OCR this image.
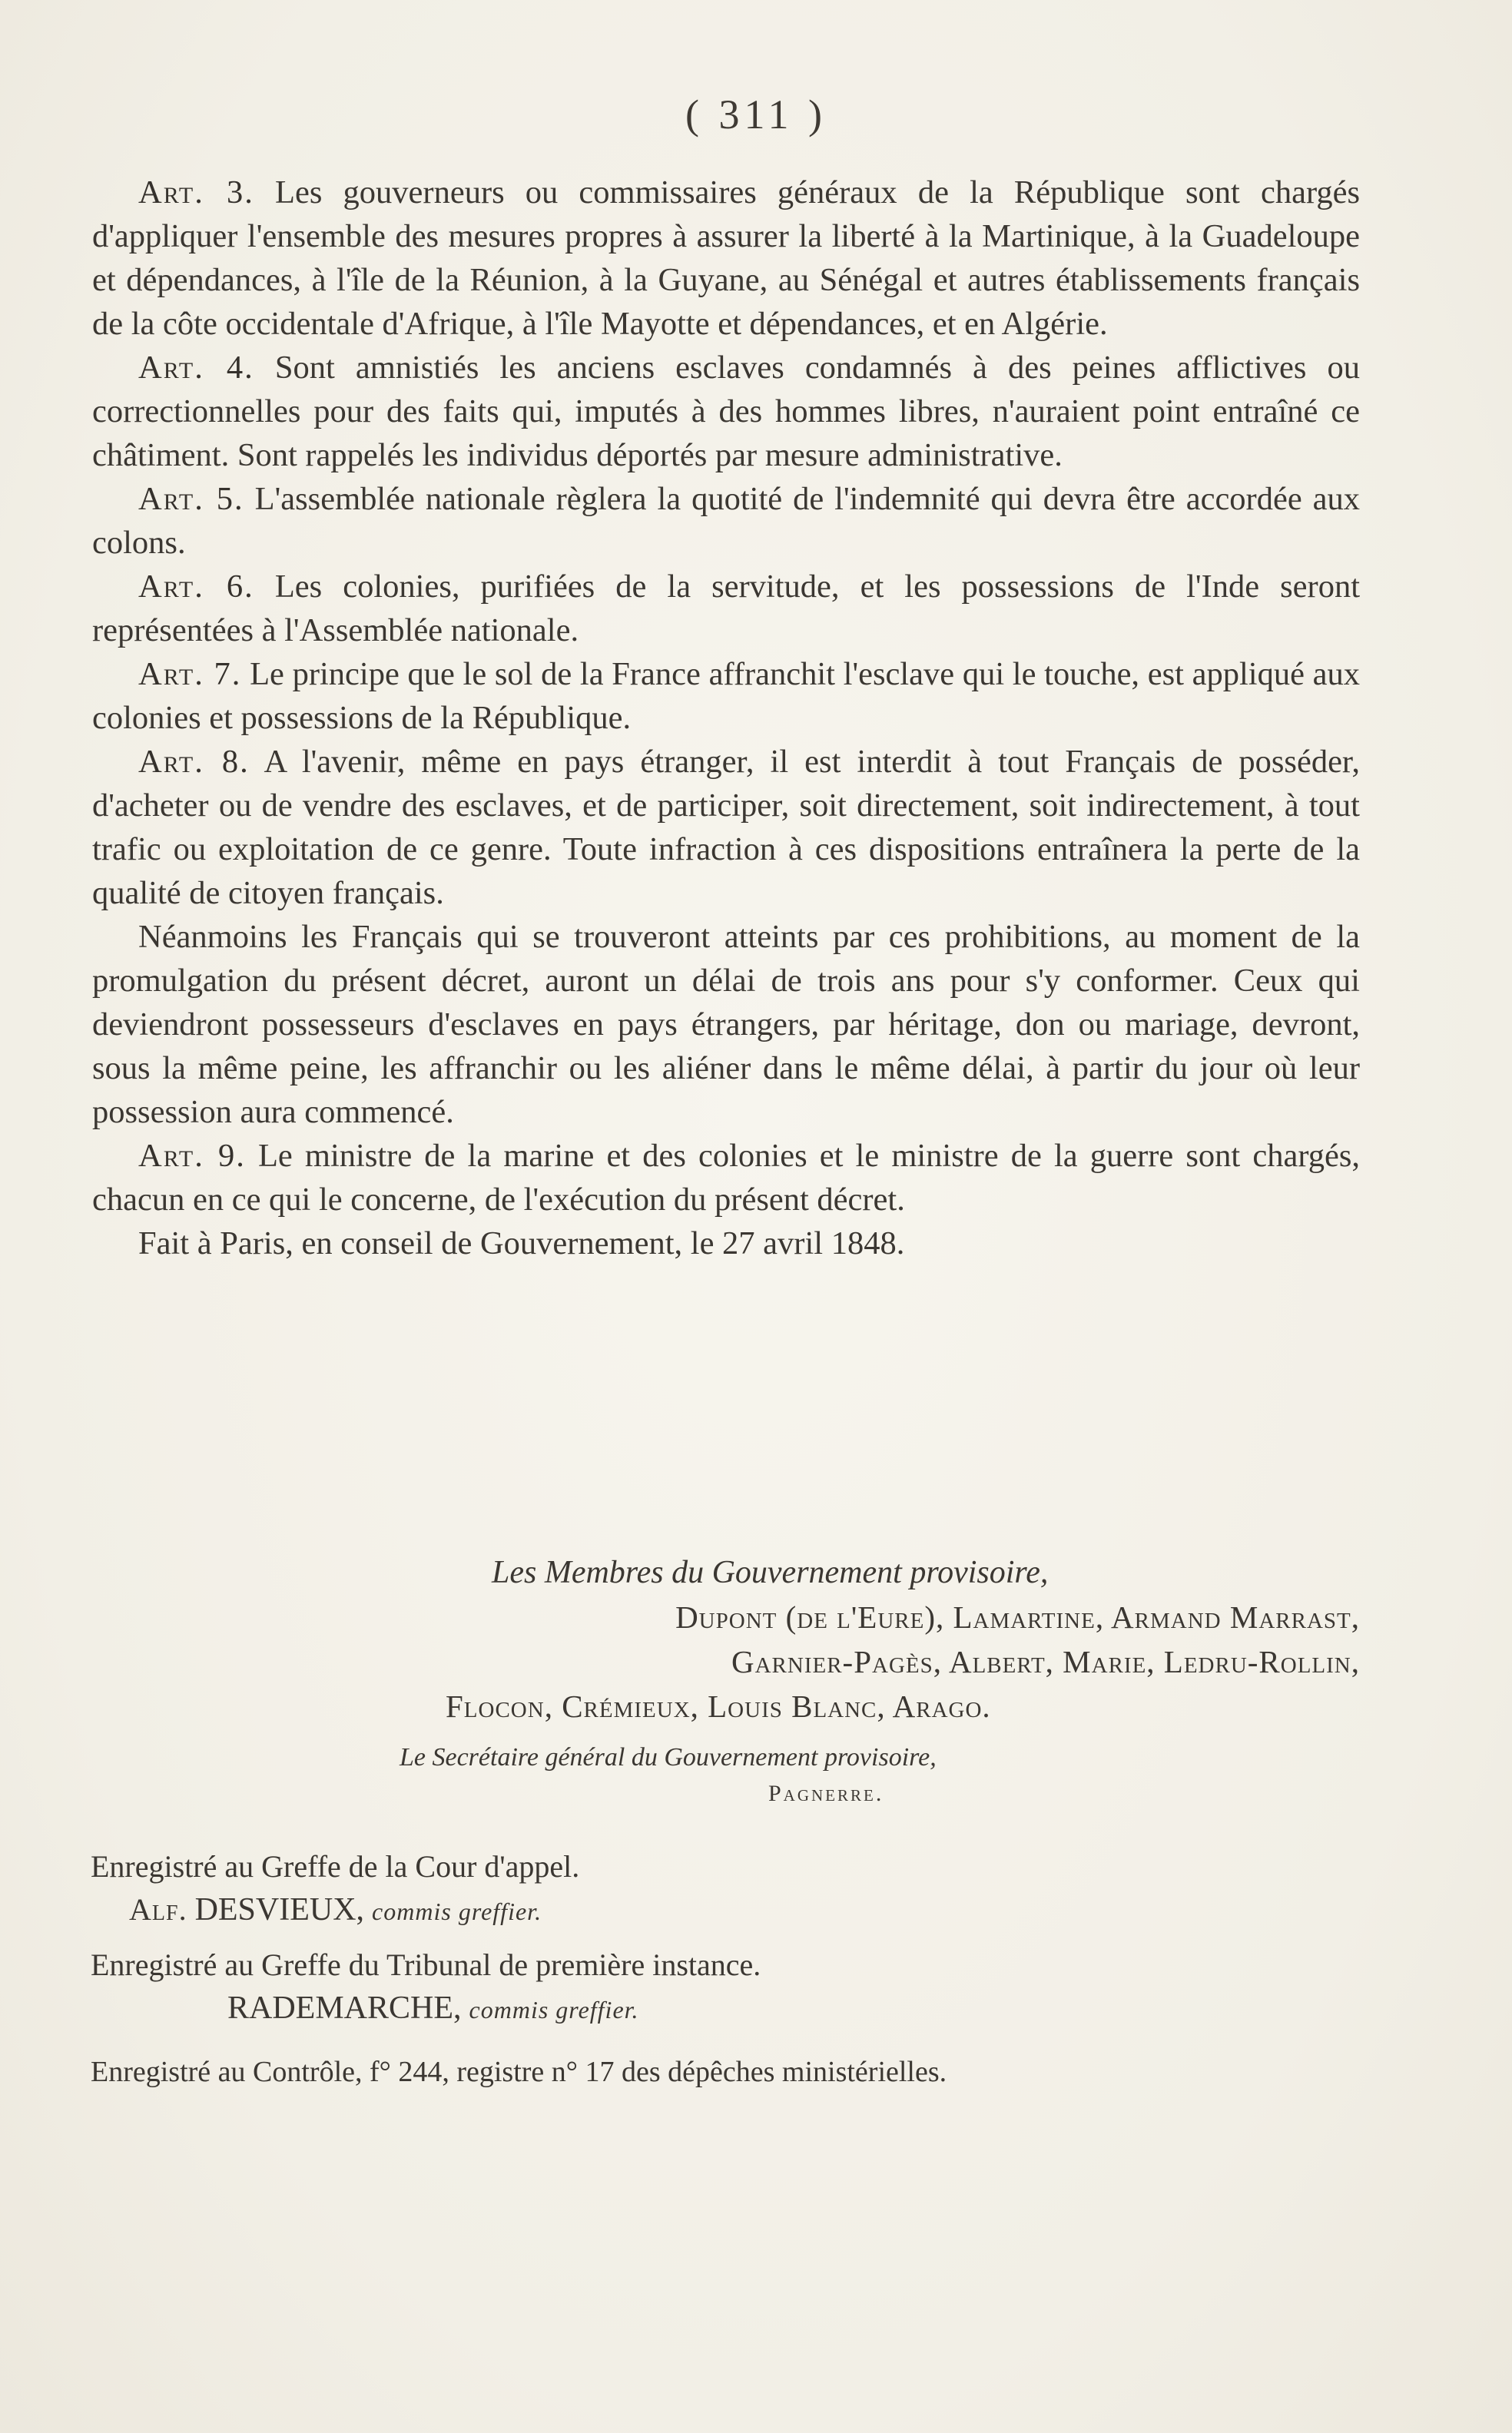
( 311 )

Art. 3. Les gouverneurs ou commissaires généraux de la République sont chargés d'appliquer l'ensemble des mesures propres à assurer la liberté à la Martinique, à la Guadeloupe et dépendances, à l'île de la Réunion, à la Guyane, au Sénégal et autres établissements français de la côte occidentale d'Afrique, à l'île Mayotte et dépendances, et en Algérie.

Art. 4. Sont amnistiés les anciens esclaves condamnés à des peines afflictives ou correctionnelles pour des faits qui, imputés à des hommes libres, n'auraient point entraîné ce châtiment. Sont rappelés les individus déportés par mesure administrative.

Art. 5. L'assemblée nationale règlera la quotité de l'indemnité qui devra être accordée aux colons.

Art. 6. Les colonies, purifiées de la servitude, et les possessions de l'Inde seront représentées à l'Assemblée nationale.

Art. 7. Le principe que le sol de la France affranchit l'esclave qui le touche, est appliqué aux colonies et possessions de la République.

Art. 8. A l'avenir, même en pays étranger, il est interdit à tout Français de posséder, d'acheter ou de vendre des esclaves, et de participer, soit directement, soit indirectement, à tout trafic ou exploitation de ce genre. Toute infraction à ces dispositions entraînera la perte de la qualité de citoyen français.

Néanmoins les Français qui se trouveront atteints par ces prohibitions, au moment de la promulgation du présent décret, auront un délai de trois ans pour s'y conformer. Ceux qui deviendront possesseurs d'esclaves en pays étrangers, par héritage, don ou mariage, devront, sous la même peine, les affranchir ou les aliéner dans le même délai, à partir du jour où leur possession aura commencé.

Art. 9. Le ministre de la marine et des colonies et le ministre de la guerre sont chargés, chacun en ce qui le concerne, de l'exécution du présent décret.

Fait à Paris, en conseil de Gouvernement, le 27 avril 1848.

Les Membres du Gouvernement provisoire,
Dupont (de l'Eure), Lamartine, Armand Marrast,
Garnier-Pagès, Albert, Marie, Ledru-Rollin,
Flocon, Crémieux, Louis Blanc, Arago.
Le Secrétaire général du Gouvernement provisoire,
Pagnerre.
Enregistré au Greffe de la Cour d'appel.
Alf. DESVIEUX, commis greffier.
Enregistré au Greffe du Tribunal de première instance.
RADEMARCHE, commis greffier.
Enregistré au Contrôle, f° 244, registre n° 17 des dépêches ministérielles.
